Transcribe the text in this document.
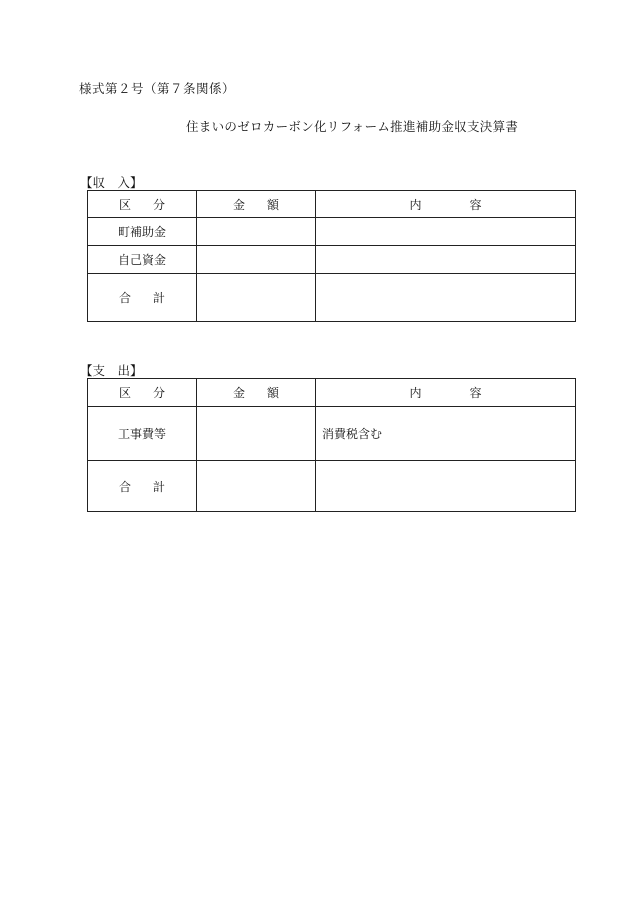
様式第２号（第７条関係）
住まいのゼロカーボン化リフォーム推進補助金収支決算書
【収　入】
区分	金額	内容
町補助金		
自己資金		
合計		
【支　出】
区分	金額	内容
工事費等		消費税含む
合計		
